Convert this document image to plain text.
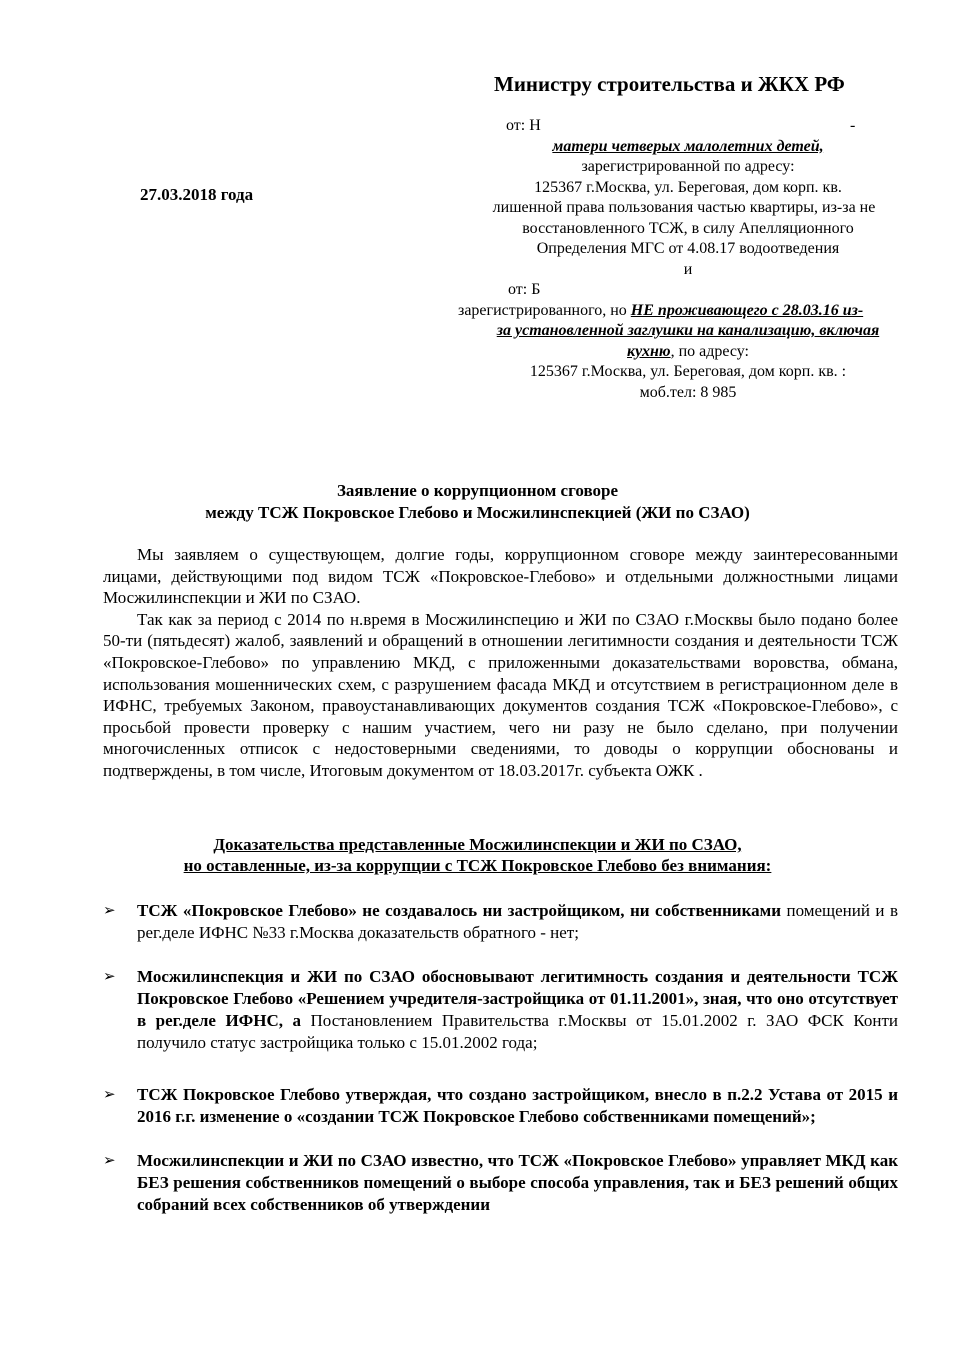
Министру строительства и ЖКХ РФ
27.03.2018 года
от: Н	-
матери четверых малолетних детей,
зарегистрированной по адресу:
125367 г.Москва, ул. Береговая, дом корп. кв.
лишенной права пользования частью квартиры, из-за не
восстановленного ТСЖ, в силу Апелляционного
Определения МГС от 4.08.17 водоотведения
и
от: Б
зарегистрированного, но НЕ проживающего с 28.03.16 из-
за установленной заглушки на канализацию, включая
кухню, по адресу:
125367 г.Москва, ул. Береговая, дом корп. кв. :
моб.тел: 8 985
Заявление о коррупционном сговоре
между ТСЖ Покровское Глебово и Мосжилинспекцией (ЖИ по СЗАО)

Мы заявляем о существующем, долгие годы, коррупционном сговоре между заинтересованными лицами, действующими под видом ТСЖ «Покровское-Глебово» и отдельными должностными лицами Мосжилинспекции и ЖИ по СЗАО.

Так как за период с 2014 по н.время в Мосжилинспецию и ЖИ по СЗАО г.Москвы было подано более 50-ти (пятьдесят) жалоб, заявлений и обращений в отношении легитимности создания и деятельности ТСЖ «Покровское-Глебово» по управлению МКД, с приложенными доказательствами воровства, обмана, использования мошеннических схем, с разрушением фасада МКД и отсутствием в регистрационном деле в ИФНС, требуемых Законом, правоустанавливающих документов создания ТСЖ «Покровское-Глебово», с просьбой провести проверку с нашим участием, чего ни разу не было сделано, при получении многочисленных отписок с недостоверными сведениями, то доводы о коррупции обоснованы и подтверждены, в том числе, Итоговым документом от 18.03.2017г. субъекта ОЖК .

Доказательства представленные Мосжилинспекции и ЖИ по СЗАО,
но оставленные, из-за коррупции с ТСЖ Покровское Глебово без внимания:
➢ ТСЖ «Покровское Глебово» не создавалось ни застройщиком, ни собственниками помещений и в рег.деле ИФНС №33 г.Москва доказательств обратного - нет;
➢ Мосжилинспекция и ЖИ по СЗАО обосновывают легитимность создания и деятельности ТСЖ Покровское Глебово «Решением учредителя-застройщика от 01.11.2001», зная, что оно отсутствует в рег.деле ИФНС, а Постановлением Правительства г.Москвы от 15.01.2002 г. ЗАО ФСК Конти получило статус застройщика только с 15.01.2002 года;
➢ ТСЖ Покровское Глебово утверждая, что создано застройщиком, внесло в п.2.2 Устава от 2015 и 2016 г.г. изменение о «создании ТСЖ Покровское Глебово собственниками помещений»;
➢ Мосжилинспекции и ЖИ по СЗАО известно, что ТСЖ «Покровское Глебово» управляет МКД как БЕЗ решения собственников помещений о выборе способа управления, так и БЕЗ решений общих собраний всех собственников об утверждении
